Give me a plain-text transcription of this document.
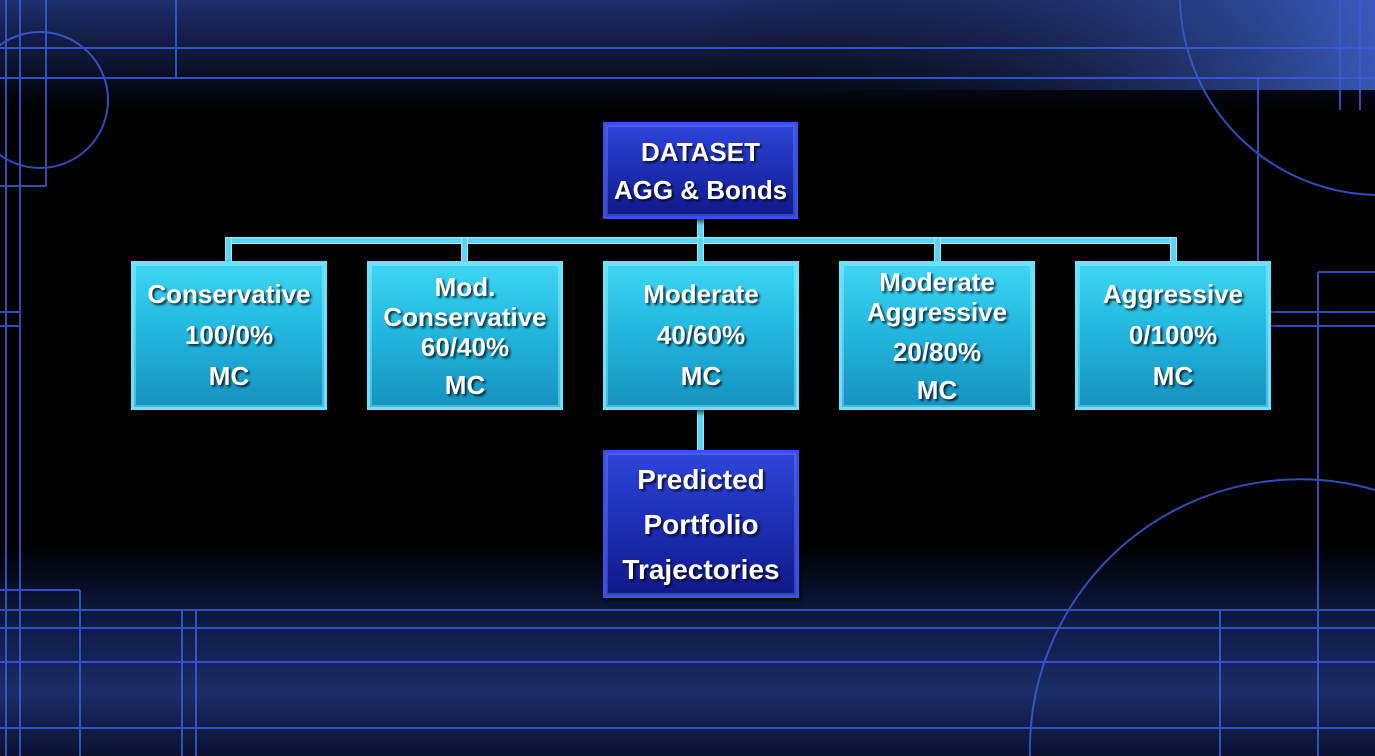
DATASET
AGG & Bonds
Conservative
100/0%
MC
Mod.
Conservative
60/40%
MC
Moderate
40/60%
MC
Moderate
Aggressive
20/80%
MC
Aggressive
0/100%
MC
Predicted
Portfolio
Trajectories
